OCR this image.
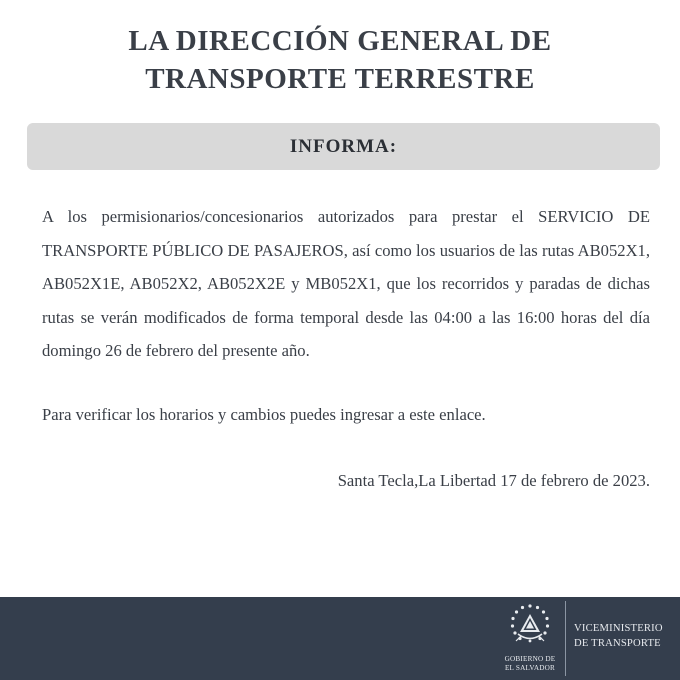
LA DIRECCIÓN GENERAL DE
TRANSPORTE TERRESTRE
INFORMA:
A los permisionarios/concesionarios autorizados para prestar el SERVICIO DE TRANSPORTE PÚBLICO DE PASAJEROS, así como los usuarios de las rutas AB052X1, AB052X1E, AB052X2, AB052X2E y MB052X1, que los recorridos y paradas de dichas rutas se verán modificados de forma temporal desde las 04:00 a las 16:00 horas del día domingo 26 de febrero del presente año.
Para verificar los horarios y cambios puedes ingresar a este enlace.
Santa Tecla,La Libertad 17 de febrero de 2023.
GOBIERNO DE
EL SALVADOR
VICEMINISTERIO
DE TRANSPORTE
